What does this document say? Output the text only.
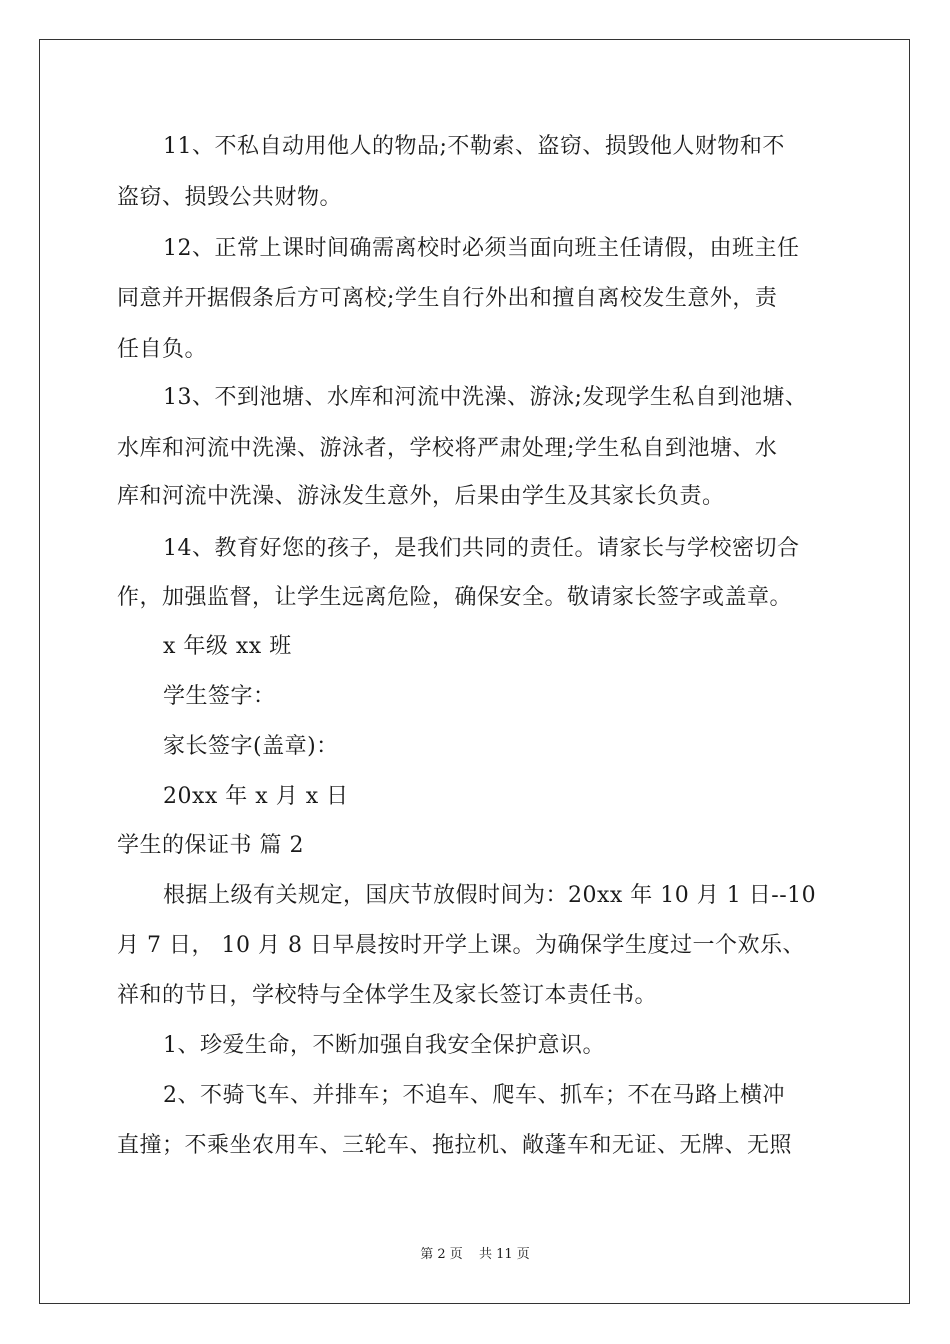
11、不私自动用他人的物品;不勒索、盗窃、损毁他人财物和不
盗窃、损毁公共财物。
12、正常上课时间确需离校时必须当面向班主任请假，由班主任
同意并开据假条后方可离校;学生自行外出和擅自离校发生意外，责
任自负。
13、不到池塘、水库和河流中洗澡、游泳;发现学生私自到池塘、
水库和河流中洗澡、游泳者，学校将严肃处理;学生私自到池塘、水
库和河流中洗澡、游泳发生意外，后果由学生及其家长负责。
14、教育好您的孩子，是我们共同的责任。请家长与学校密切合
作，加强监督，让学生远离危险，确保安全。敬请家长签字或盖章。
x 年级 xx 班
学生签字：
家长签字(盖章)：
20xx 年 x 月 x 日
学生的保证书 篇 2
根据上级有关规定，国庆节放假时间为：20xx 年 10 月 1 日--10
月 7 日， 10 月 8 日早晨按时开学上课。为确保学生度过一个欢乐、
祥和的节日，学校特与全体学生及家长签订本责任书。
1、珍爱生命，不断加强自我安全保护意识。
2、不骑飞车、并排车；不追车、爬车、抓车；不在马路上横冲
直撞；不乘坐农用车、三轮车、拖拉机、敞蓬车和无证、无牌、无照
第 2 页 共 11 页
